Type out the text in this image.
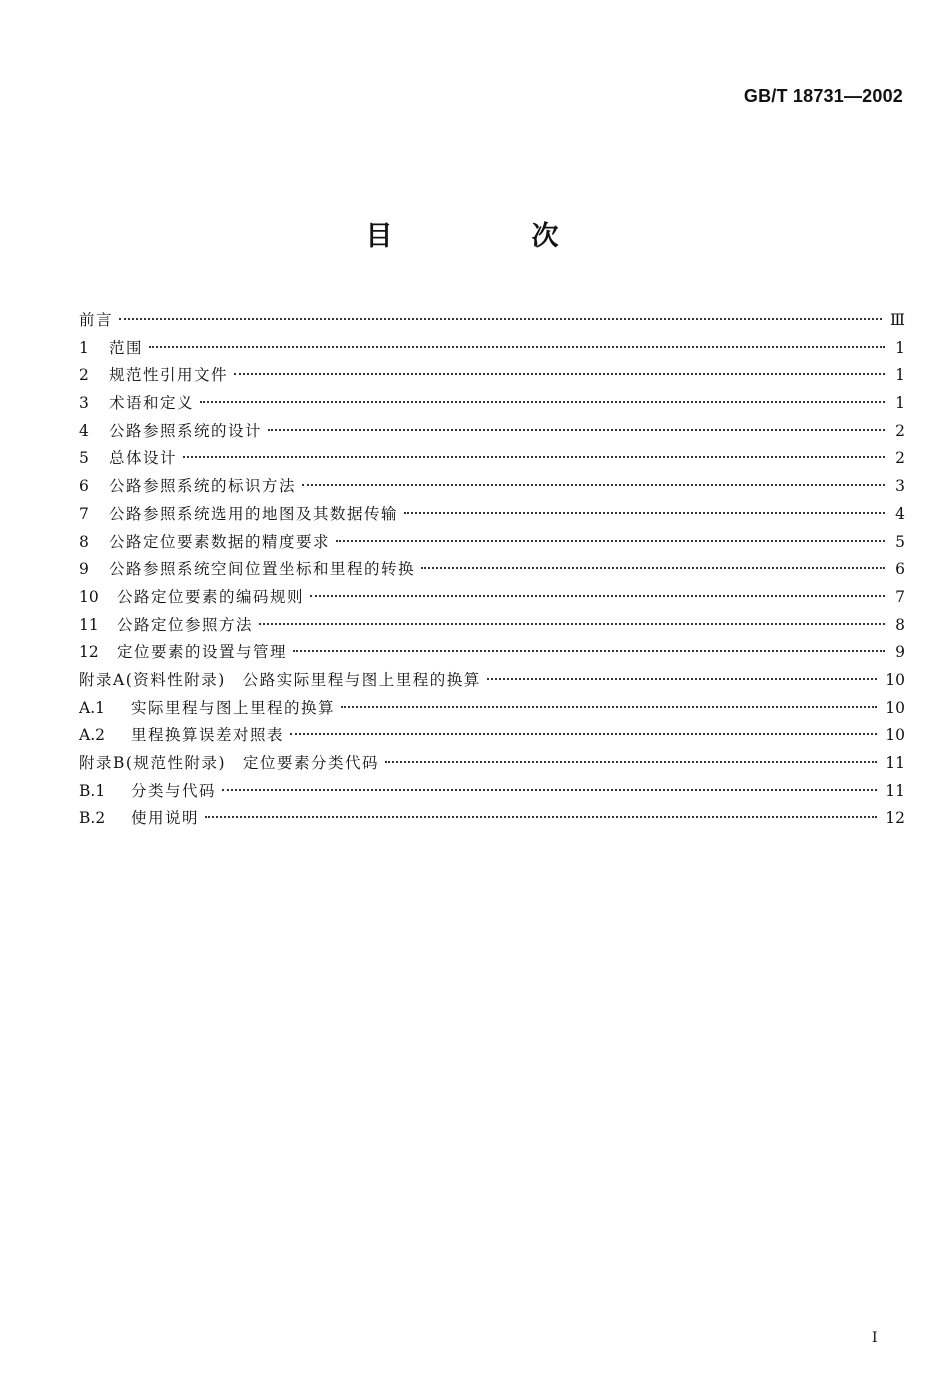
GB/T 18731—2002
目　次
前言	Ⅲ
1	范围	1
2	规范性引用文件	1
3	术语和定义	1
4	公路参照系统的设计	2
5	总体设计	2
6	公路参照系统的标识方法	3
7	公路参照系统选用的地图及其数据传输	4
8	公路定位要素数据的精度要求	5
9	公路参照系统空间位置坐标和里程的转换	6
10	公路定位要素的编码规则	7
11	公路定位参照方法	8
12	定位要素的设置与管理	9
附录A(资料性附录)　公路实际里程与图上里程的换算	10
A.1	实际里程与图上里程的换算	10
A.2	里程换算误差对照表	10
附录B(规范性附录)　定位要素分类代码	11
B.1	分类与代码	11
B.2	使用说明	12
I
